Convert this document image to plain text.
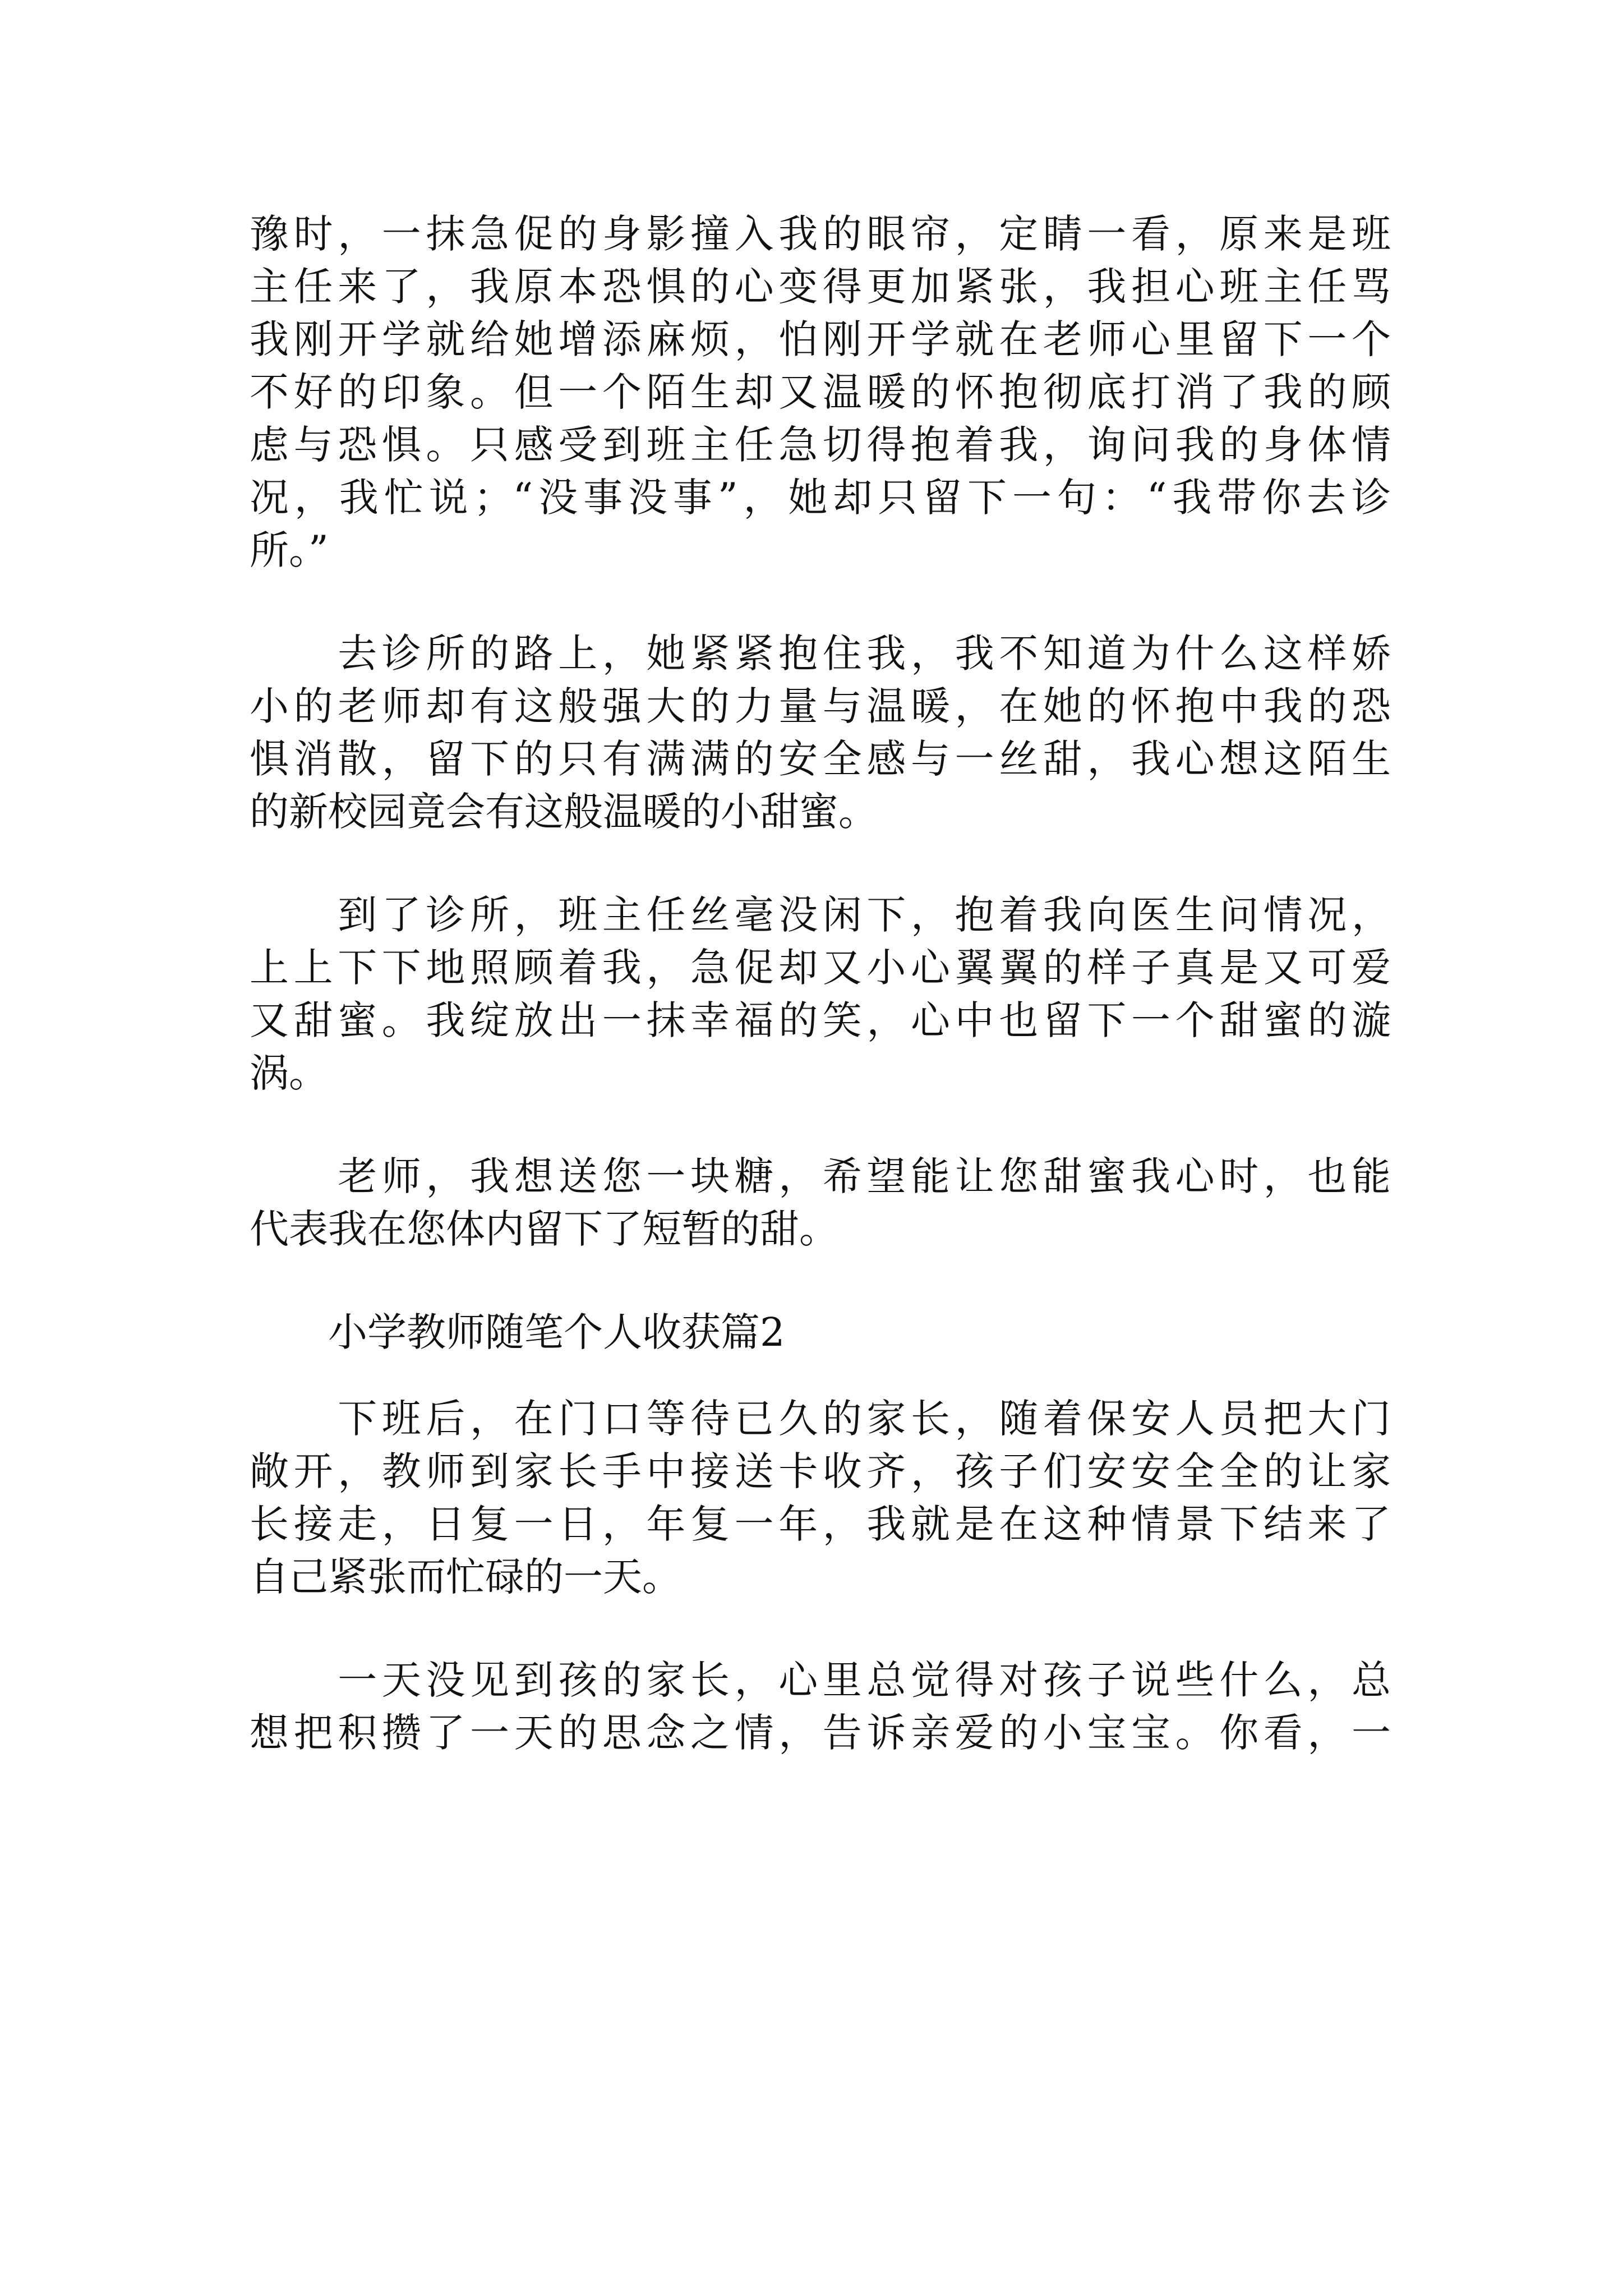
豫时，一抹急促的身影撞入我的眼帘，定睛一看，原来是班
主任来了，我原本恐惧的心变得更加紧张，我担心班主任骂
我刚开学就给她增添麻烦，怕刚开学就在老师心里留下一个
不好的印象。但一个陌生却又温暖的怀抱彻底打消了我的顾
虑与恐惧。只感受到班主任急切得抱着我，询问我的身体情
况，我忙说；“没事没事”，她却只留下一句：“我带你去诊
所。”
　　去诊所的路上，她紧紧抱住我，我不知道为什么这样娇
小的老师却有这般强大的力量与温暖，在她的怀抱中我的恐
惧消散，留下的只有满满的安全感与一丝甜，我心想这陌生
的新校园竟会有这般温暖的小甜蜜。
　　到了诊所，班主任丝毫没闲下，抱着我向医生问情况，
上上下下地照顾着我，急促却又小心翼翼的样子真是又可爱
又甜蜜。我绽放出一抹幸福的笑，心中也留下一个甜蜜的漩
涡。
　　老师，我想送您一块糖，希望能让您甜蜜我心时，也能
代表我在您体内留下了短暂的甜。
　　小学教师随笔个人收获篇2
　　下班后，在门口等待已久的家长，随着保安人员把大门
敞开，教师到家长手中接送卡收齐，孩子们安安全全的让家
长接走，日复一日，年复一年，我就是在这种情景下结来了
自己紧张而忙碌的一天。
　　一天没见到孩的家长，心里总觉得对孩子说些什么，总
想把积攒了一天的思念之情，告诉亲爱的小宝宝。你看，一
